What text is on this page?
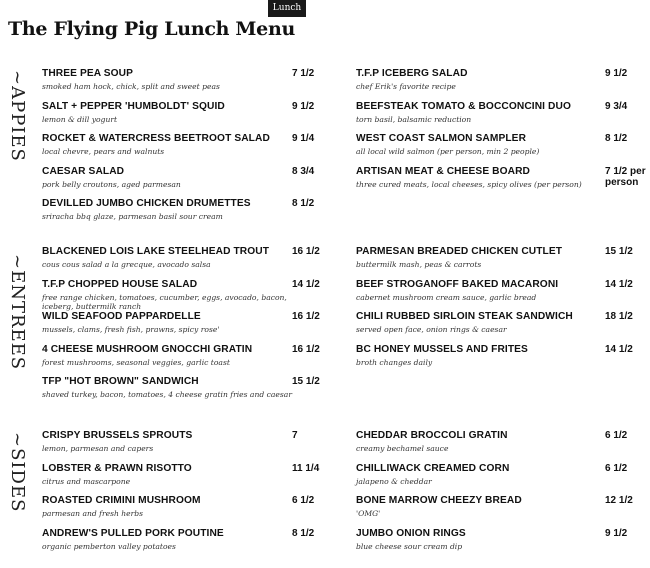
Lunch
The Flying Pig Lunch Menu
~APPIES THREE PEA SOUP
smoked ham hock, chick, split and sweet peas
7 1/2
SALT + PEPPER 'HUMBOLDT' SQUID
lemon & dill yogurt
9 1/2
ROCKET & WATERCRESS BEETROOT SALAD
local chevre, pears and walnuts
9 1/4
CAESAR SALAD
pork belly croutons, aged parmesan
8 3/4
DEVILLED JUMBO CHICKEN DRUMETTES
sriracha bbq glaze, parmesan basil sour cream
8 1/2
T.F.P ICEBERG SALAD
chef Erik's favorite recipe
9 1/2
BEEFSTEAK TOMATO & BOCCONCINI DUO
torn basil, balsamic reduction
9 3/4
WEST COAST SALMON SAMPLER
all local wild salmon (per person, min 2 people)
8 1/2
ARTISAN MEAT & CHEESE BOARD
three cured meats, local cheeses, spicy olives (per person)
7 1/2 per person
~ENTREES
BLACKENED LOIS LAKE STEELHEAD TROUT
cous cous salad a la grecque, avocado salsa
16 1/2
T.F.P CHOPPED HOUSE SALAD
free range chicken, tomatoes, cucumber, eggs, avocado, bacon, iceberg, buttermilk ranch
14 1/2
WILD SEAFOOD PAPPARDELLE
mussels, clams, fresh fish, prawns, spicy rose'
16 1/2
4 CHEESE MUSHROOM GNOCCHI GRATIN
forest mushrooms, seasonal veggies, garlic toast
16 1/2
TFP "HOT BROWN" SANDWICH
shaved turkey, bacon, tomatoes, 4 cheese gratin fries and caesar
15 1/2
PARMESAN BREADED CHICKEN CUTLET
buttermilk mash, peas & carrots
15 1/2
BEEF STROGANOFF BAKED MACARONI
cabernet mushroom cream sauce, garlic bread
14 1/2
CHILI RUBBED SIRLOIN STEAK SANDWICH
served open face, onion rings & caesar
18 1/2
BC HONEY MUSSELS AND FRITES
broth changes daily
14 1/2
~SIDES CRISPY BRUSSELS SPROUTS
lemon, parmesan and capers
7
LOBSTER & PRAWN RISOTTO
citrus and mascarpone
11 1/4
ROASTED CRIMINI MUSHROOM
parmesan and fresh herbs
6 1/2
ANDREW'S PULLED PORK POUTINE
organic pemberton valley potatoes
8 1/2
CHEDDAR BROCCOLI GRATIN
creamy bechamel sauce
6 1/2
CHILLIWACK CREAMED CORN
jalapeno & cheddar
6 1/2
BONE MARROW CHEEZY BREAD
'OMG'
12 1/2
JUMBO ONION RINGS
blue cheese sour cream dip
9 1/2
